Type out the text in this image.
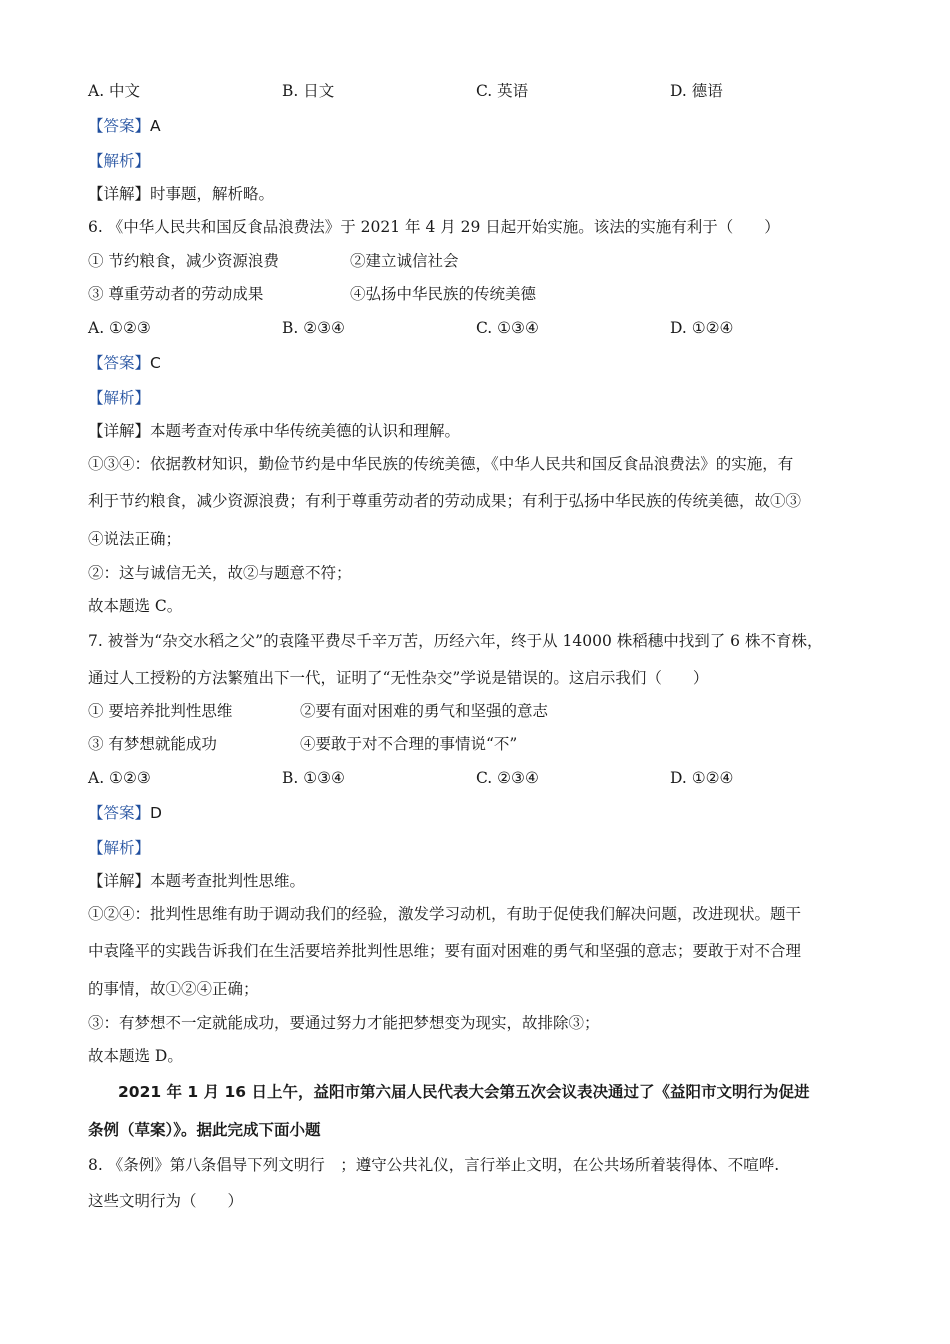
A. 中文	B. 日文	C. 英语	D. 德语
【答案】A
【解析】
【详解】时事题，解析略。
6. 《中华人民共和国反食品浪费法》于 2021 年 4 月 29 日起开始实施。该法的实施有利于（　　）
① 节约粮食，减少资源浪费	②建立诚信社会
③ 尊重劳动者的劳动成果	④弘扬中华民族的传统美德
A. ①②③	B. ②③④	C. ①③④	D. ①②④
【答案】C
【解析】
【详解】本题考查对传承中华传统美德的认识和理解。
①③④：依据教材知识，勤俭节约是中华民族的传统美德，《中华人民共和国反食品浪费法》的实施，有
利于节约粮食，减少资源浪费；有利于尊重劳动者的劳动成果；有利于弘扬中华民族的传统美德，故①③
④说法正确；
②：这与诚信无关，故②与题意不符；
故本题选 C。
7. 被誉为“杂交水稻之父”的袁隆平费尽千辛万苦，历经六年，终于从 14000 株稻穗中找到了 6 株不育株，
通过人工授粉的方法繁殖出下一代，证明了“无性杂交”学说是错误的。这启示我们（　　）
① 要培养批判性思维	②要有面对困难的勇气和坚强的意志
③ 有梦想就能成功	④要敢于对不合理的事情说“不”
A. ①②③	B. ①③④	C. ②③④	D. ①②④
【答案】D
【解析】
【详解】本题考查批判性思维。
①②④：批判性思维有助于调动我们的经验，激发学习动机，有助于促使我们解决问题，改进现状。题干
中袁隆平的实践告诉我们在生活要培养批判性思维；要有面对困难的勇气和坚强的意志；要敢于对不合理
的事情，故①②④正确；
③：有梦想不一定就能成功，要通过努力才能把梦想变为现实，故排除③；
故本题选 D。
2021 年 1 月 16 日上午，益阳市第六届人民代表大会第五次会议表决通过了《益阳市文明行为促进
条例（草案）》。据此完成下面小题
8. 《条例》第八条倡导下列文明行　；遵守公共礼仪，言行举止文明，在公共场所着装得体、不喧哗.
这些文明行为（　　）
